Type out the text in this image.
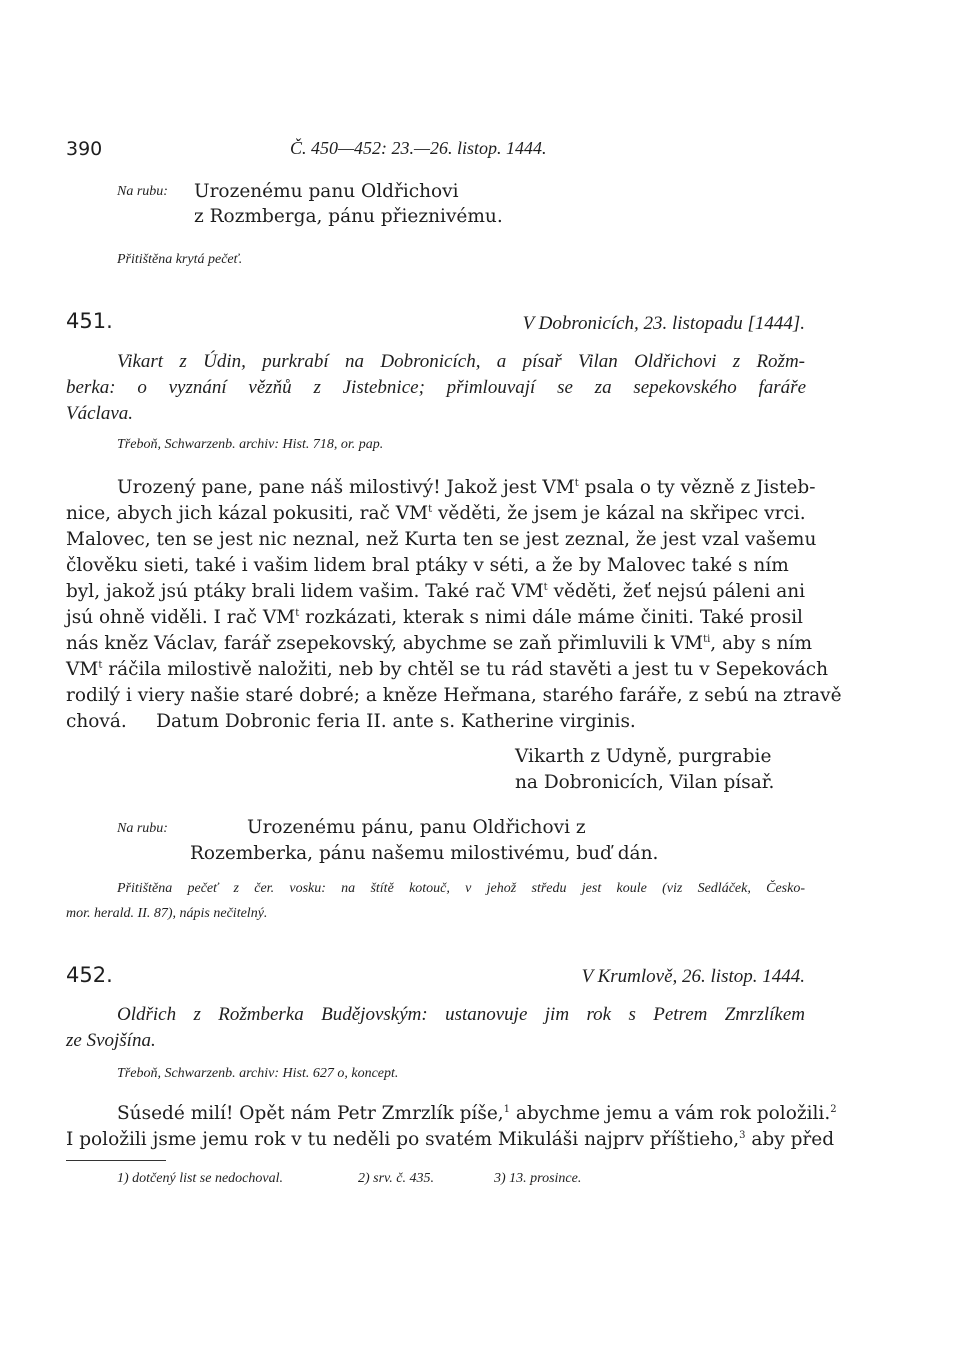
390	Č. 450—452: 23.—26. listop. 1444.
Na rubu: Urozenému panu Oldřichovi
z Rozmberga, pánu přieznivému.
Přitištěna krytá pečeť.
451.	V Dobronicích, 23. listopadu [1444].
Vikart z Údin, purkrabí na Dobronicích, a písař Vilan Oldřichovi z Rožm-
berka: o vyznání vězňů z Jistebnice; přimlouvají se za sepekovského faráře
Václava.
Třeboň, Schwarzenb. archiv: Hist. 718, or. pap.
Urozený pane, pane náš milostivý! Jakož jest $VM^t$ psala o ty vězně z Jisteb-
nice, abych jich kázal pokusiti, rač $VM^t$ věděti, že jsem je kázal na skřipec vrci.
Malovec, ten se jest nic neznal, než Kurta ten se jest zeznal, že jest vzal vašemu
člověku sieti, také i vašim lidem bral ptáky v séti, a že by Malovec také s ním
byl, jakož jsú ptáky brali lidem vašim. Také rač $VM^t$ věděti, žeť nejsú páleni ani
jsú ohně viděli. I rač $VM^t$ rozkázati, kterak s nimi dále máme činiti. Také prosil
nás kněz Václav, farář zsepekovský, abychme se zaň přimluvili k $VM^{ti}$, aby s ním
$VM^t$ ráčila milostivě naložiti, neb by chtěl se tu rád stavěti a jest tu v Sepekovách
rodilý i viery našie staré dobré; a kněze Heřmana, starého faráře, z sebú na ztravě
chová.     Datum Dobronic feria II. ante s. Katherine virginis.
Vikarth z Udyně, purgrabie
na Dobronicích, Vilan písař.
Na rubu:	Urozenému pánu, panu Oldřichovi z
Rozemberka, pánu našemu milostivému, buď dán.
Přitištěna pečeť z čer. vosku: na štítě kotouč, v jehož středu jest koule (viz Sedláček, Česko-
mor. herald. II. 87), nápis nečitelný.
452.	V Krumlově, 26. listop. 1444.
Oldřich z Rožmberka Budějovským: ustanovuje jim rok s Petrem Zmrzlíkem
ze Svojšína.
Třeboň, Schwarzenb. archiv: Hist. 627 o, koncept.
Súsedé milí! Opět nám Petr Zmrzlík píše,$^1$ abychme jemu a vám rok položili.$^2$
I položili jsme jemu rok v tu neděli po svatém Mikuláši najprv příštieho,$^3$ aby před
1) dotčený list se nedochoval.	2) srv. č. 435.	3) 13. prosince.
